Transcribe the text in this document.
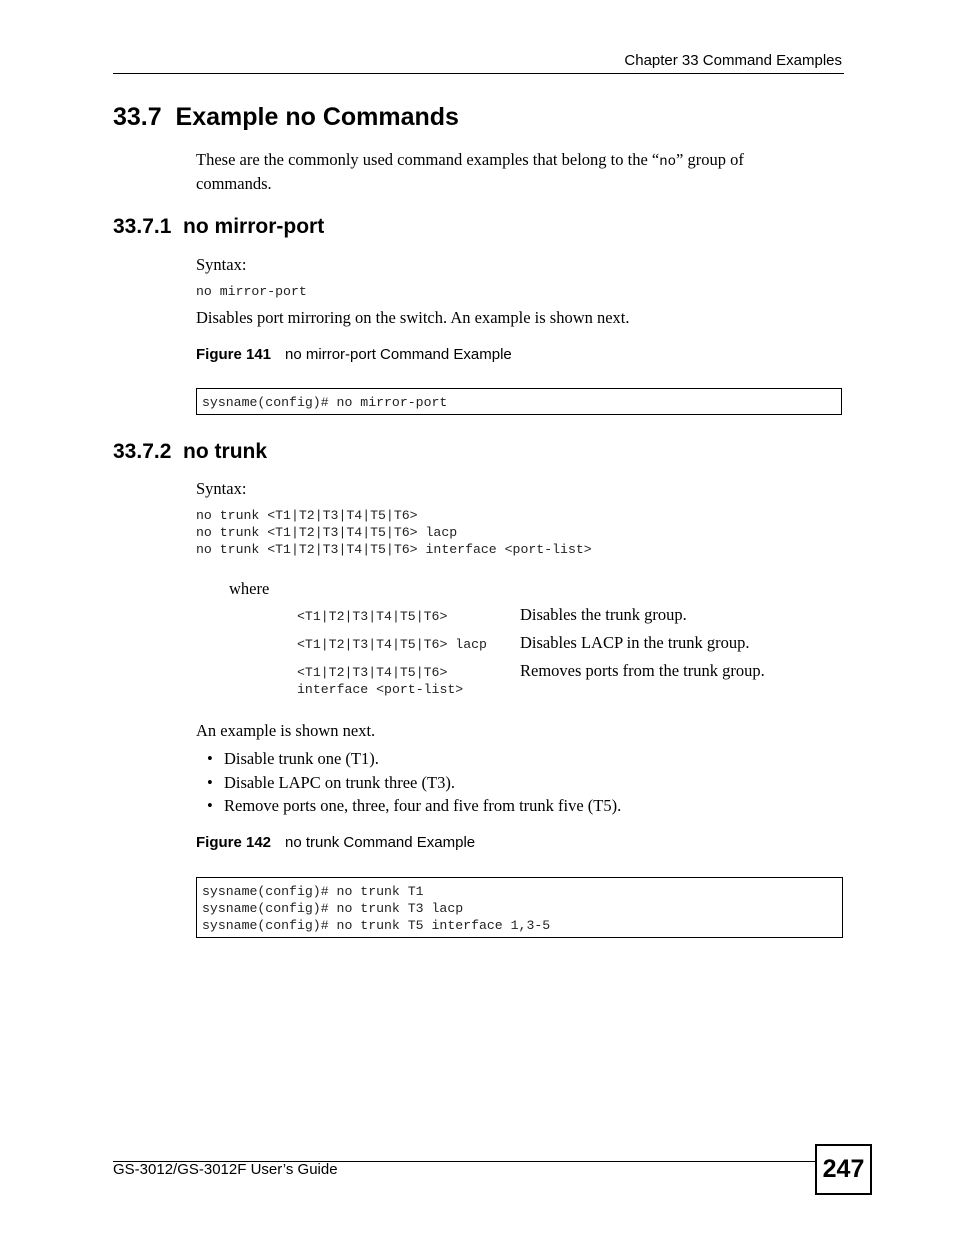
Chapter 33 Command Examples
33.7  Example no Commands
These are the commonly used command examples that belong to the “no” group of
commands.
33.7.1  no mirror-port
Syntax:
no mirror-port
Disables port mirroring on the switch. An example is shown next.
Figure 141 no mirror-port Command Example
sysname(config)# no mirror-port
33.7.2  no trunk
Syntax:
no trunk <T1|T2|T3|T4|T5|T6>
no trunk <T1|T2|T3|T4|T5|T6> lacp
no trunk <T1|T2|T3|T4|T5|T6> interface <port-list>
where
<T1|T2|T3|T4|T5|T6>	Disables the trunk group.
<T1|T2|T3|T4|T5|T6> lacp Disables LACP in the trunk group.
<T1|T2|T3|T4|T5|T6>
interface <port-list>
Removes ports from the trunk group.
An example is shown next.
• Disable trunk one (T1).
• Disable LAPC on trunk three (T3).
• Remove ports one, three, four and five from trunk five (T5).
Figure 142 no trunk Command Example
sysname(config)# no trunk T1
sysname(config)# no trunk T3 lacp
sysname(config)# no trunk T5 interface 1,3-5
GS-3012/GS-3012F User’s Guide	247
